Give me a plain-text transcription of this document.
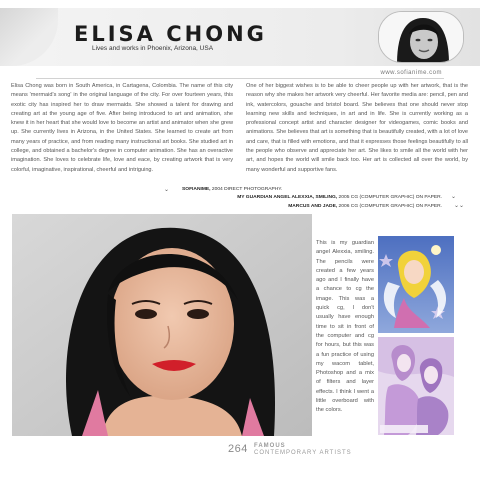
ELISA CHONG
Lives and works in Phoenix, Arizona, USA
www.sofianime.com
Elisa Chong was born in South America, in Cartagena, Colombia. The name of this city means 'mermaid's song' in the original language of the city. For over fourteen years, this exotic city has inspired her to draw mermaids. She showed a talent for drawing and creating art at the young age of five. After being introduced to art and animation, she knew it in her heart that she would love to become an artist and animator when she grew up. She currently lives in Arizona, in the United States. She learned to create art from many years of practice, and from reading many instructional art books. She studied art in college, and obtained a bachelor's degree in computer animation. She has an overactive imagination. She loves to celebrate life, love and eace, by creating artwork that is very colorful, imaginative, inspirational, cheerful and intriguing.
One of her biggest wishes is to be able to cheer people up with her artwork, that is the reason why she makes her artwork very cheerful. Her favorite media are: pencil, pen and ink, watercolors, gouache and bristol board. She believes that one should never stop learning new skills and techniques, in art and in life. She is currently working as a professional concept artist and character designer for videogames, comic books and animations. She believes that art is something that is beautifully created, with a lot of love and care, that is filled with emotions, and that it expresses those feelings beautifully to all the people who observe and appreciate her art. She likes to smile all the world with her art, and hopes the world will smile back too. Her art is collected all over the world, by many wonderful and supportive fans.
⌄	SOFIANIME, 2004 DIRECT PHOTOGRAPHY.
MY GUARDIAN ANGEL ALEXXIA, SMILING, 2005 CG (COMPUTER GRAPHIC) ON PAPER. ⌄
MARCUS AND JADE, 2006 CG (COMPUTER GRAPHIC) ON PAPER. ⌄⌄
This is my guardian angel Alexxia, smiling. The pencils were created a few years ago and I finally have a chance to cg the image. This was a quick cg, I don't usually have enough time to sit in front of the computer and cg for hours, but this was a fun practice of using my wacom tablet, Photoshop and a mix of filters and layer effects. I think I went a little overboard with the colors.
264 FAMOUS
CONTEMPORARY ARTISTS
